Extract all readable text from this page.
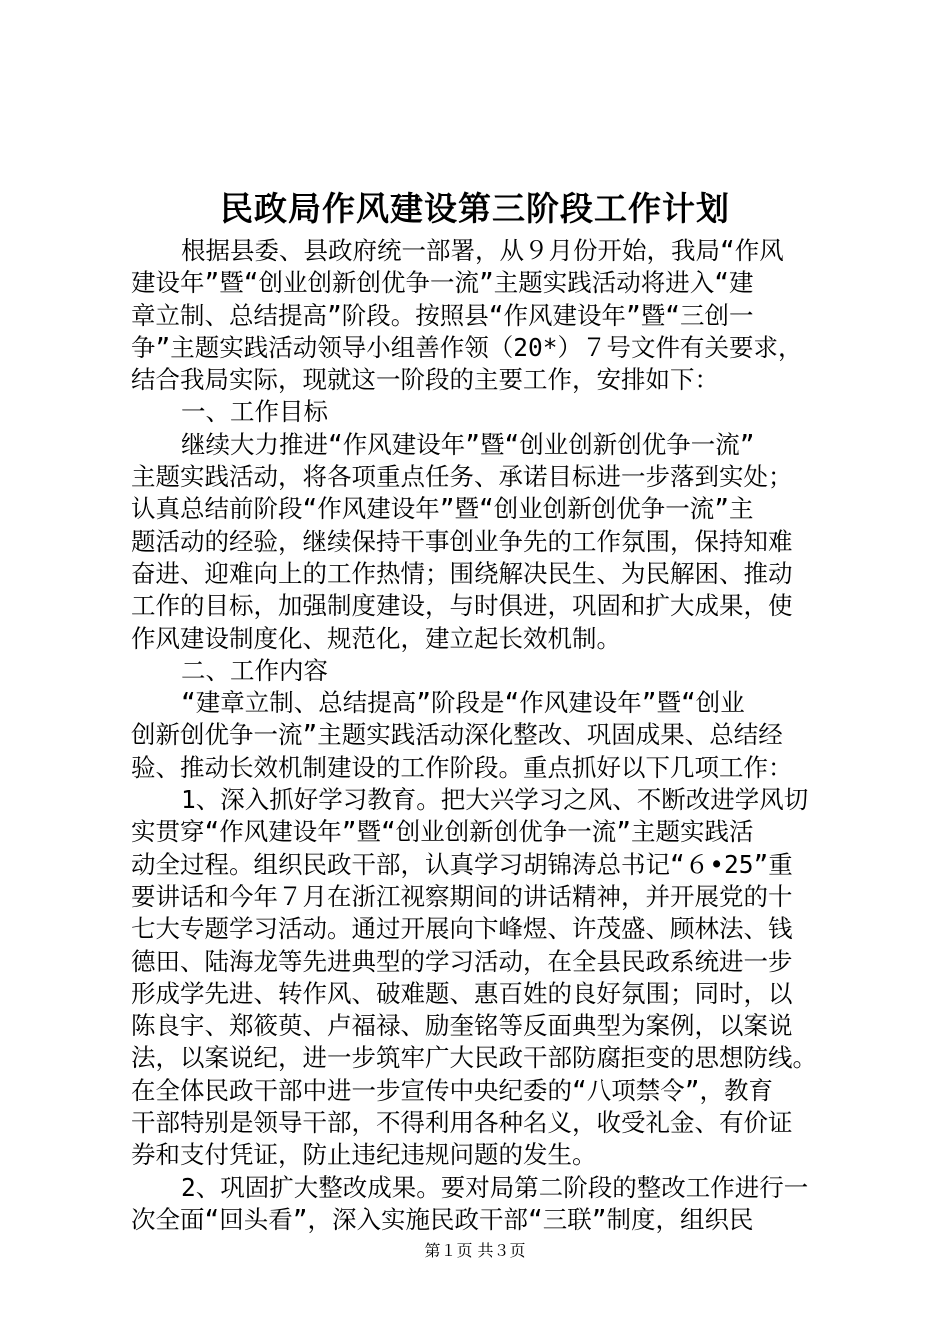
民政局作风建设第三阶段工作计划

根据县委、县政府统一部署，从９月份开始，我局“作风

建设年”暨“创业创新创优争一流”主题实践活动将进入“建

章立制、总结提高”阶段。按照县“作风建设年”暨“三创一

争”主题实践活动领导小组善作领（20*）７号文件有关要求，

结合我局实际，现就这一阶段的主要工作，安排如下：

一、工作目标

继续大力推进“作风建设年”暨“创业创新创优争一流”

主题实践活动，将各项重点任务、承诺目标进一步落到实处；

认真总结前阶段“作风建设年”暨“创业创新创优争一流”主

题活动的经验，继续保持干事创业争先的工作氛围，保持知难

奋进、迎难向上的工作热情；围绕解决民生、为民解困、推动

工作的目标，加强制度建设，与时俱进，巩固和扩大成果，使

作风建设制度化、规范化，建立起长效机制。

二、工作内容

“建章立制、总结提高”阶段是“作风建设年”暨“创业

创新创优争一流”主题实践活动深化整改、巩固成果、总结经

验、推动长效机制建设的工作阶段。重点抓好以下几项工作：

1、深入抓好学习教育。把大兴学习之风、不断改进学风切

实贯穿“作风建设年”暨“创业创新创优争一流”主题实践活

动全过程。组织民政干部，认真学习胡锦涛总书记“６•25”重

要讲话和今年７月在浙江视察期间的讲话精神，并开展党的十

七大专题学习活动。通过开展向卞峰煜、许茂盛、顾林法、钱

德田、陆海龙等先进典型的学习活动，在全县民政系统进一步

形成学先进、转作风、破难题、惠百姓的良好氛围；同时，以

陈良宇、郑筱萸、卢福禄、励奎铭等反面典型为案例，以案说

法，以案说纪，进一步筑牢广大民政干部防腐拒变的思想防线。

在全体民政干部中进一步宣传中央纪委的“八项禁令”，教育

干部特别是领导干部，不得利用各种名义，收受礼金、有价证

券和支付凭证，防止违纪违规问题的发生。

2、巩固扩大整改成果。要对局第二阶段的整改工作进行一

次全面“回头看”，深入实施民政干部“三联”制度，组织民

第１页 共３页
